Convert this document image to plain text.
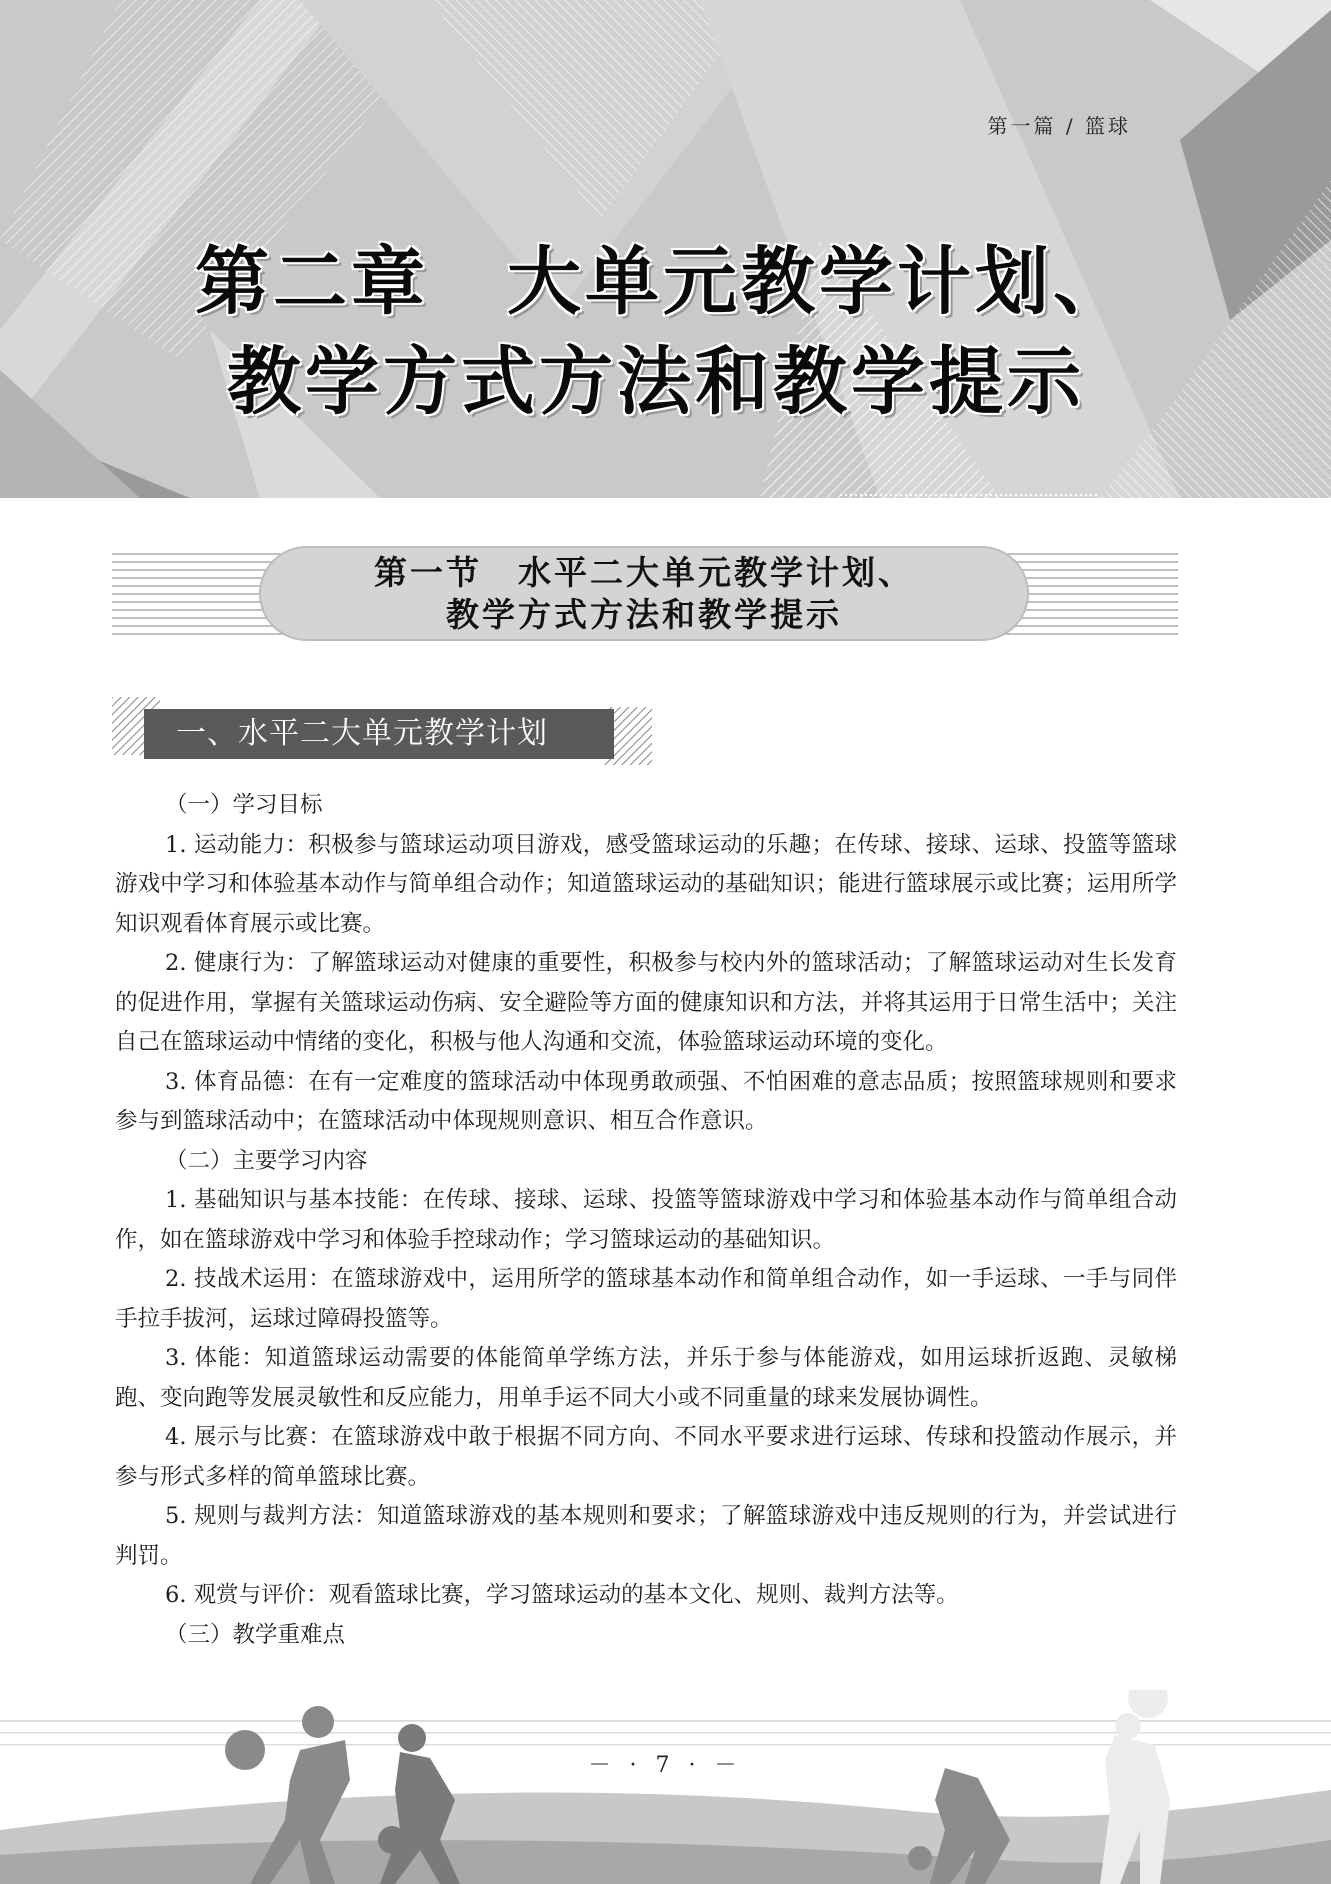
第一篇 / 篮球
第二章　大单元教学计划、
教学方式方法和教学提示
第一节　水平二大单元教学计划、
教学方式方法和教学提示
一、水平二大单元教学计划

（一）学习目标

1. 运动能力：积极参与篮球运动项目游戏，感受篮球运动的乐趣；在传球、接球、运球、投篮等篮球游戏中学习和体验基本动作与简单组合动作；知道篮球运动的基础知识；能进行篮球展示或比赛；运用所学知识观看体育展示或比赛。

2. 健康行为：了解篮球运动对健康的重要性，积极参与校内外的篮球活动；了解篮球运动对生长发育的促进作用，掌握有关篮球运动伤病、安全避险等方面的健康知识和方法，并将其运用于日常生活中；关注自己在篮球运动中情绪的变化，积极与他人沟通和交流，体验篮球运动环境的变化。

3. 体育品德：在有一定难度的篮球活动中体现勇敢顽强、不怕困难的意志品质；按照篮球规则和要求参与到篮球活动中；在篮球活动中体现规则意识、相互合作意识。

（二）主要学习内容

1. 基础知识与基本技能：在传球、接球、运球、投篮等篮球游戏中学习和体验基本动作与简单组合动作，如在篮球游戏中学习和体验手控球动作；学习篮球运动的基础知识。

2. 技战术运用：在篮球游戏中，运用所学的篮球基本动作和简单组合动作，如一手运球、一手与同伴手拉手拔河，运球过障碍投篮等。

3. 体能：知道篮球运动需要的体能简单学练方法，并乐于参与体能游戏，如用运球折返跑、灵敏梯跑、变向跑等发展灵敏性和反应能力，用单手运不同大小或不同重量的球来发展协调性。

4. 展示与比赛：在篮球游戏中敢于根据不同方向、不同水平要求进行运球、传球和投篮动作展示，并参与形式多样的简单篮球比赛。

5. 规则与裁判方法：知道篮球游戏的基本规则和要求；了解篮球游戏中违反规则的行为，并尝试进行判罚。

6. 观赏与评价：观看篮球比赛，学习篮球运动的基本文化、规则、裁判方法等。

（三）教学重难点

－ · 7 · －
